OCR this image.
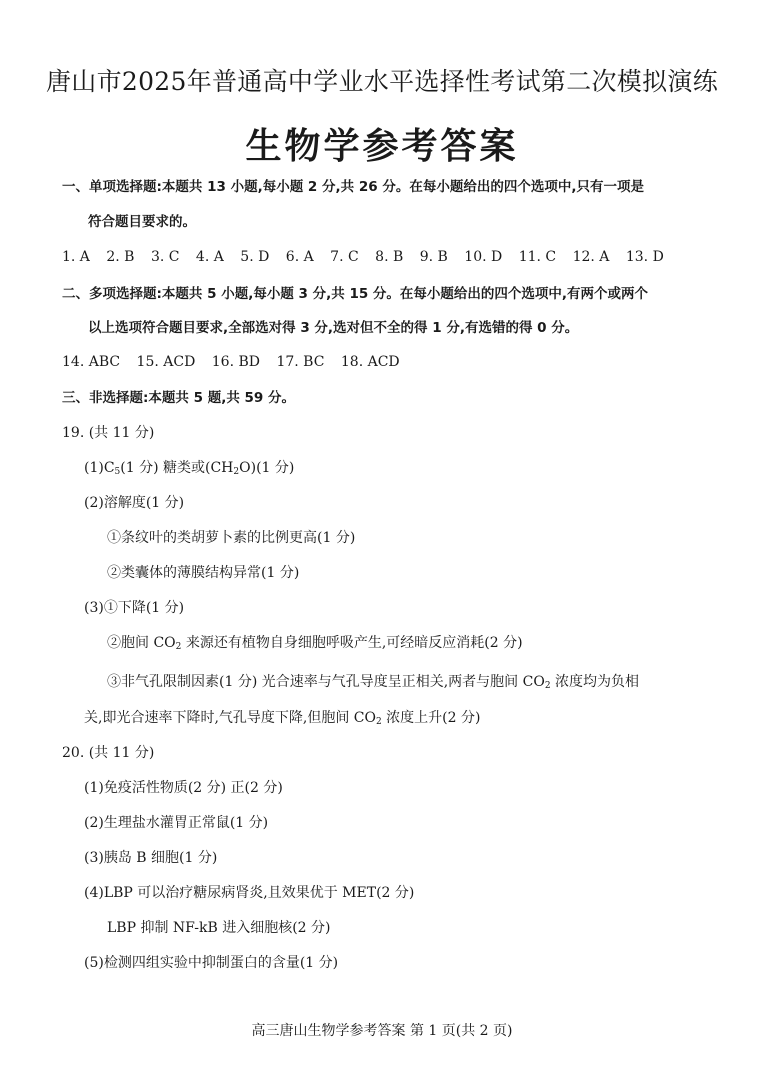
唐山市2025年普通高中学业水平选择性考试第二次模拟演练
生物学参考答案
一、单项选择题:本题共 13 小题,每小题 2 分,共 26 分。在每小题给出的四个选项中,只有一项是
符合题目要求的。
1. A 2. B 3. C 4. A 5. D 6. A 7. C 8. B 9. B 10. D 11. C 12. A 13. D
二、多项选择题:本题共 5 小题,每小题 3 分,共 15 分。在每小题给出的四个选项中,有两个或两个
以上选项符合题目要求,全部选对得 3 分,选对但不全的得 1 分,有选错的得 0 分。
14. ABC 15. ACD 16. BD 17. BC 18. ACD
三、非选择题:本题共 5 题,共 59 分。
19. (共 11 分)
$(1)C_5(1$ 分) 糖类或$(CH_2O)(1$ 分)
(2)溶解度(1 分)
①条纹叶的类胡萝卜素的比例更高(1 分)
②类囊体的薄膜结构异常(1 分)
(3)①下降(1 分)
②胞间 $CO_2$ 来源还有植物自身细胞呼吸产生,可经暗反应消耗(2 分)
③非气孔限制因素(1 分) 光合速率与气孔导度呈正相关,两者与胞间 $CO_2$ 浓度均为负相
关,即光合速率下降时,气孔导度下降,但胞间 $CO_2$ 浓度上升(2 分)
20. (共 11 分)
(1)免疫活性物质(2 分) 正(2 分)
(2)生理盐水灌胃正常鼠(1 分)
(3)胰岛 B 细胞(1 分)
(4)LBP 可以治疗糖尿病肾炎,且效果优于 MET(2 分)
LBP 抑制 NF-kB 进入细胞核(2 分)
(5)检测四组实验中抑制蛋白的含量(1 分)
高三唐山生物学参考答案 第 1 页(共 2 页)
